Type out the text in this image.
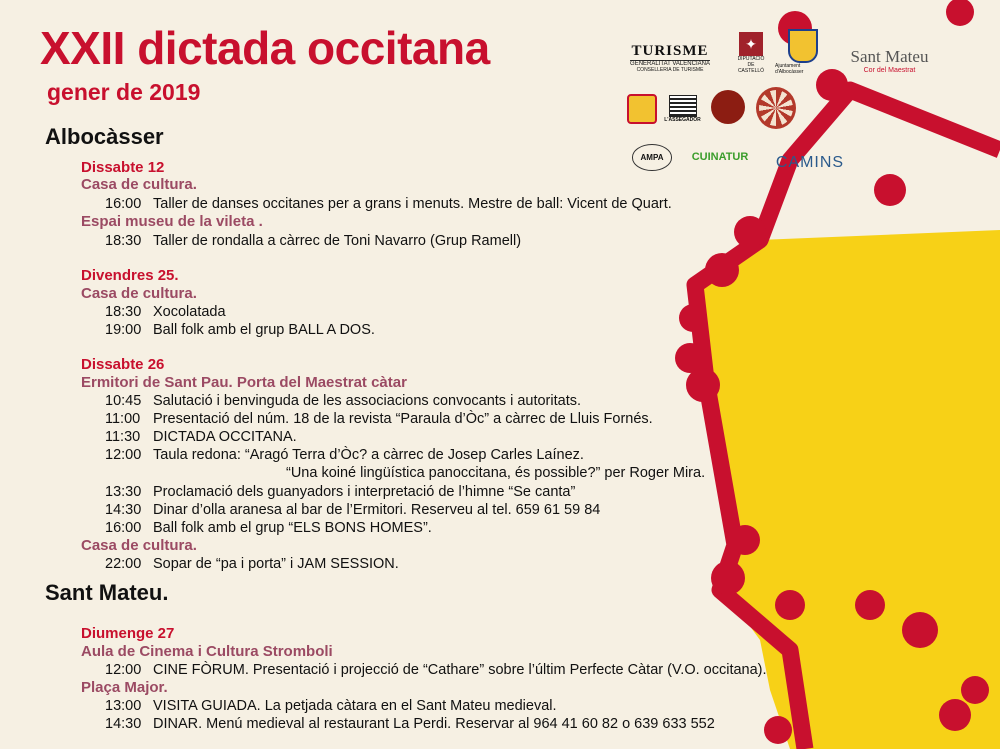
XXII dictada occitana
gener de 2019
TURISME
GENERALITAT VALENCIANA
CONSELLERIA DE TURISME
✦
DIPUTACIÓ DE CASTELLÓ
Ajuntament d'Albocàsser
Sant Mateu
Cor del Maestrat
L'ASSEGADOR
AMPA	CUINATUR CAMINS
Albocàsser
Dissabte 12
Casa de cultura.
16:00 Taller de danses occitanes per a grans i menuts. Mestre de ball: Vicent de Quart.
Espai museu de la vileta .
18:30 Taller de rondalla a càrrec de Toni Navarro (Grup Ramell)
Divendres 25.
Casa de cultura.
18:30 Xocolatada
19:00 Ball folk amb el grup BALL A DOS.
Dissabte 26
Ermitori de Sant Pau. Porta del Maestrat càtar
10:45 Salutació i benvinguda de les associacions convocants i autoritats.
11:00 Presentació del núm. 18 de la revista “Paraula d’Òc” a càrrec de Lluis Fornés.
11:30 DICTADA OCCITANA.
12:00 Taula redona: “Aragó Terra d’Òc? a càrrec de Josep Carles Laínez.
“Una koiné lingüística panoccitana, és possible?” per Roger Mira.
13:30 Proclamació dels guanyadors i interpretació de l’himne “Se canta”
14:30 Dinar d’olla aranesa al bar de l’Ermitori. Reserveu al tel. 659 61 59 84
16:00 Ball folk amb el grup “ELS BONS HOMES”.
Casa de cultura.
22:00 Sopar de “pa i porta” i JAM SESSION.
Sant Mateu.
Diumenge 27
Aula de Cinema i Cultura Stromboli
12:00 CINE FÒRUM. Presentació i projecció de “Cathare” sobre l’últim Perfecte Càtar (V.O. occitana).
Plaça Major.
13:00 VISITA GUIADA. La petjada càtara en el Sant Mateu medieval.
14:30 DINAR. Menú medieval al restaurant La Perdi. Reservar al 964 41 60 82 o 639 633 552
